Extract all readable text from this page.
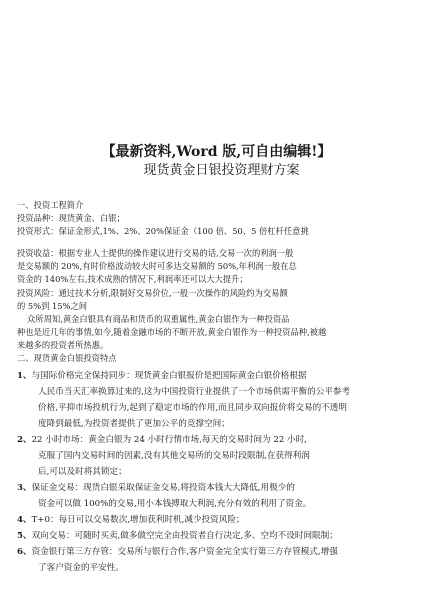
【最新资料,Word 版,可自由编辑!】
现货黄金日银投资理财方案
一、投资工程简介
投资品种：现货黄金、白银；
投资形式：保证金形式,1%、2%、20%保证金（100 倍、50、5 倍杠杆任意挑
投资收益：根据专业人士提供的操作建议进行交易的话,交易一次的利润一般
是交易额的 20%,有时价格波动较大时可多达交易额的 50%,年利润一般在总
资金的 140%左右,技术成熟的情况下,利润率还可以大大提升；
投资风险：通过技术分析,限制好交易价位,一般一次操作的风险约为交易额
的 5%到 15%之间
众所周知,黄金白银具有商品和货币的双重属性,黄金白银作为一种投资品
种也是近几年的事情,如今,随着金融市场的不断开放,黄金白银作为一种投资品种,被越
来越多的投资者所热惠。
二、现货黄金白银投资特点
1、与国际价格完全保持同步：现货黄金白银报价是把国际黄金白银价格根据
人民币当天汇率换算过来的,这为中国投资行业提供了一个市场供需平衡的公平参考
价格,平抑市场投机行为,起到了稳定市场的作用,而且同步双向报价将交易的不透明
度降到最低,为投资者提供了更加公平的竞撑空间；
2、22 小时市场：黄金白银为 24 小时行情市场,每天的交易时间为 22 小时,
克服了国内交易时间的因素,没有其他交易所的交易时段限制,在获得利润
后,可以及时将其锁定；
3、保证金交易：现货白银采取保证金交易,将投资本钱大大降低,用极少的
资金可以做 100%的交易,用小本钱搏取大利润,充分有效的利用了资金。
4、T+0：每日可以交易数次,增加获利时机,减少投资风险；
5、双向交易：可随时买卖,做多做空完全由投资者自行决定,多、空均不设时间限制；
6、资金银行第三方存管：交易所与银行合作,客户资金完全实行第三方存管模式,增强
了客户资金的平安性。
